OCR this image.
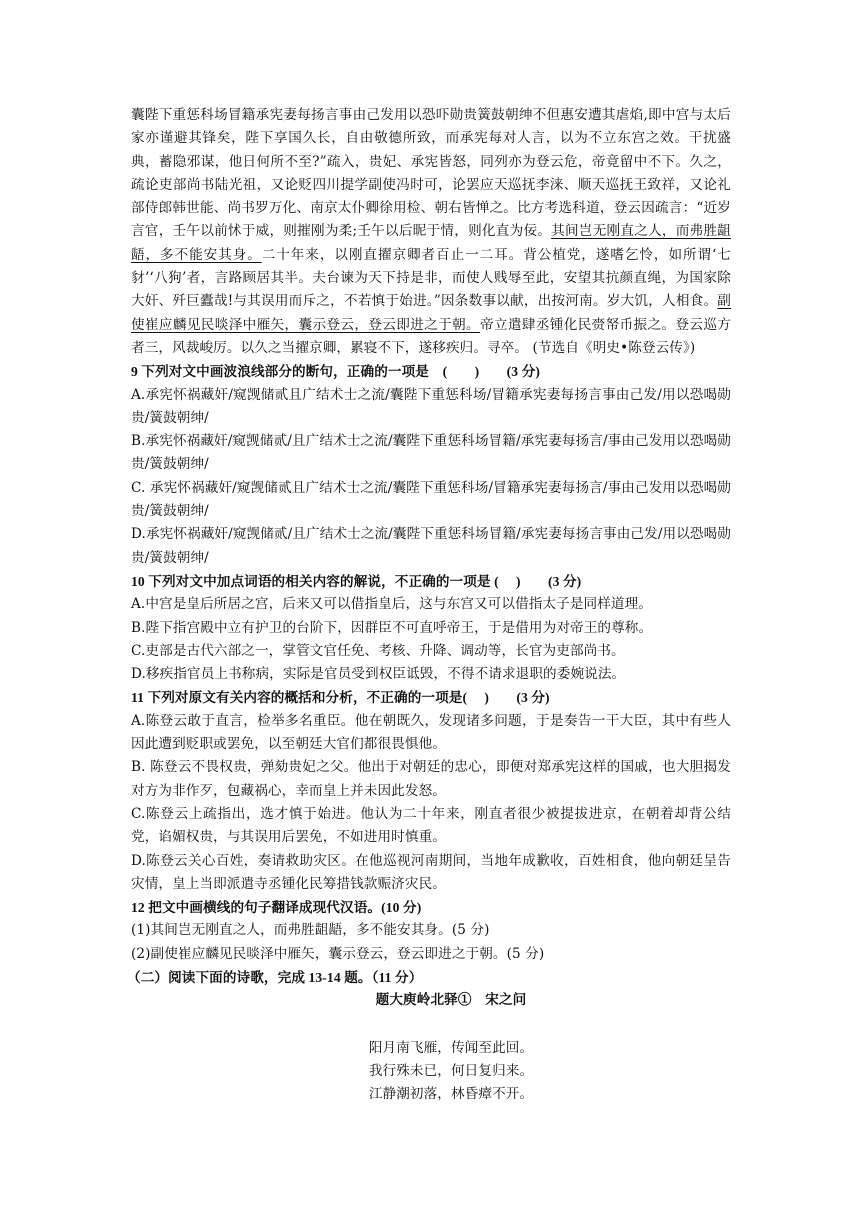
囊陛下重惩科场冒籍承宪妻每扬言事由己发用以恐吓勋贵簧鼓朝绅不但惠安遭其虐焰,即中宫与太后家亦谨避其锋矣，陛下享国久长，自由敬德所致，而承宪每对人言，以为不立东宫之效。干扰盛典，蓄隐邪谋，他日何所不至?”疏入，贵妃、承宪皆怒，同列亦为登云危，帝竟留中不下。久之，疏论吏部尚书陆光祖，又论贬四川提学副使冯时可，论罢应天巡抚李涞、顺天巡抚王致祥，又论礼部侍郎韩世能、尚书罗万化、南京太仆卿徐用检、朝右皆惮之。比方考选科道，登云因疏言：“近岁言官，壬午以前怵于威，则摧刚为柔;壬午以后昵于情，则化直为佞。其间岂无刚直之人，而弗胜龃龉，多不能安其身。二十年来，以刚直擢京卿者百止一二耳。背公植党，遂嗜乞怜，如所谓‘七豺’‘八狗’者，言路顾居其半。夫台谏为天下持是非，而使人贱辱至此，安望其抗颜直绳，为国家除大奸、歼巨蠹哉!与其误用而斥之，不若慎于始进。”因条数事以献，出按河南。岁大饥，人相食。副使崔应麟见民啖泽中雁矢，囊示登云，登云即进之于朝。帝立遣肆丞锺化民赍帑币振之。登云巡方者三，风裁峻厉。以久之当擢京卿，累寝不下，遂移疾归。寻卒。 (节选自《明史•陈登云传》)

9 下列对文中画波浪线部分的断句，正确的一项是　(　　)　　(3 分)

A.承宪怀祸藏奸/窥觊储贰且广结术士之流/囊陛下重惩科场/冒籍承宪妻每扬言事由己发/用以恐喝勋贵/簧鼓朝绅/

B.承宪怀祸藏奸/窥觊储贰/且广结术士之流/囊陛下重惩科场冒籍/承宪妻每扬言/事由己发用以恐喝勋贵/簧鼓朝绅/

C. 承宪怀祸藏奸/窥觊储贰且广结术士之流/囊陛下重惩科场/冒籍承宪妻每扬言/事由己发用以恐喝勋贵/簧鼓朝绅/

D.承宪怀祸藏奸/窥觊储贰/且广结术士之流/囊陛下重惩科场冒籍/承宪妻每扬言事由己发/用以恐喝勋贵/簧鼓朝绅/

10 下列对文中加点词语的相关内容的解说，不正确的一项是 (　 )　　(3 分)

A.中宫是皇后所居之宫，后来又可以借指皇后，这与东宫又可以借指太子是同样道理。

B.陛下指宫殿中立有护卫的台阶下，因群臣不可直呼帝王，于是借用为对帝王的尊称。

C.吏部是古代六部之一，掌管文官任免、考核、升降、调动等，长官为吏部尚书。

D.移疾指官员上书称病，实际是官员受到权臣诋毁，不得不请求退职的委婉说法。

11 下列对原文有关内容的概括和分析，不正确的一项是(　 )　　(3 分)

A.陈登云敢于直言，检举多名重臣。他在朝既久，发现诸多问题，于是奏告一干大臣，其中有些人因此遭到贬职或罢免，以至朝廷大官们都很畏惧他。

B. 陈登云不畏权贵，弹劾贵妃之父。他出于对朝廷的忠心，即便对郑承宪这样的国戚，也大胆揭发对方为非作歹，包藏祸心，幸而皇上并未因此发怒。

C.陈登云上疏指出，选才慎于始进。他认为二十年来，刚直者很少被提拔进京，在朝着却背公结党，谄媚权贵，与其误用后罢免，不如进用时慎重。

D.陈登云关心百姓，奏请救助灾区。在他巡视河南期间，当地年成歉收，百姓相食，他向朝廷呈告灾情，皇上当即派遣寺丞锺化民筹措钱款赈济灾民。

12 把文中画横线的句子翻译成现代汉语。(10 分)

(1)其间岂无刚直之人，而弗胜龃龉，多不能安其身。(5 分)

(2)副使崔应麟见民啖泽中雁矢，囊示登云，登云即进之于朝。(5 分)

（二）阅读下面的诗歌，完成 13-14 题。（11 分）

题大庾岭北驿①　宋之问

阳月南飞雁，传闻至此回。

我行殊未已，何日复归来。

江静潮初落，林昏瘴不开。
